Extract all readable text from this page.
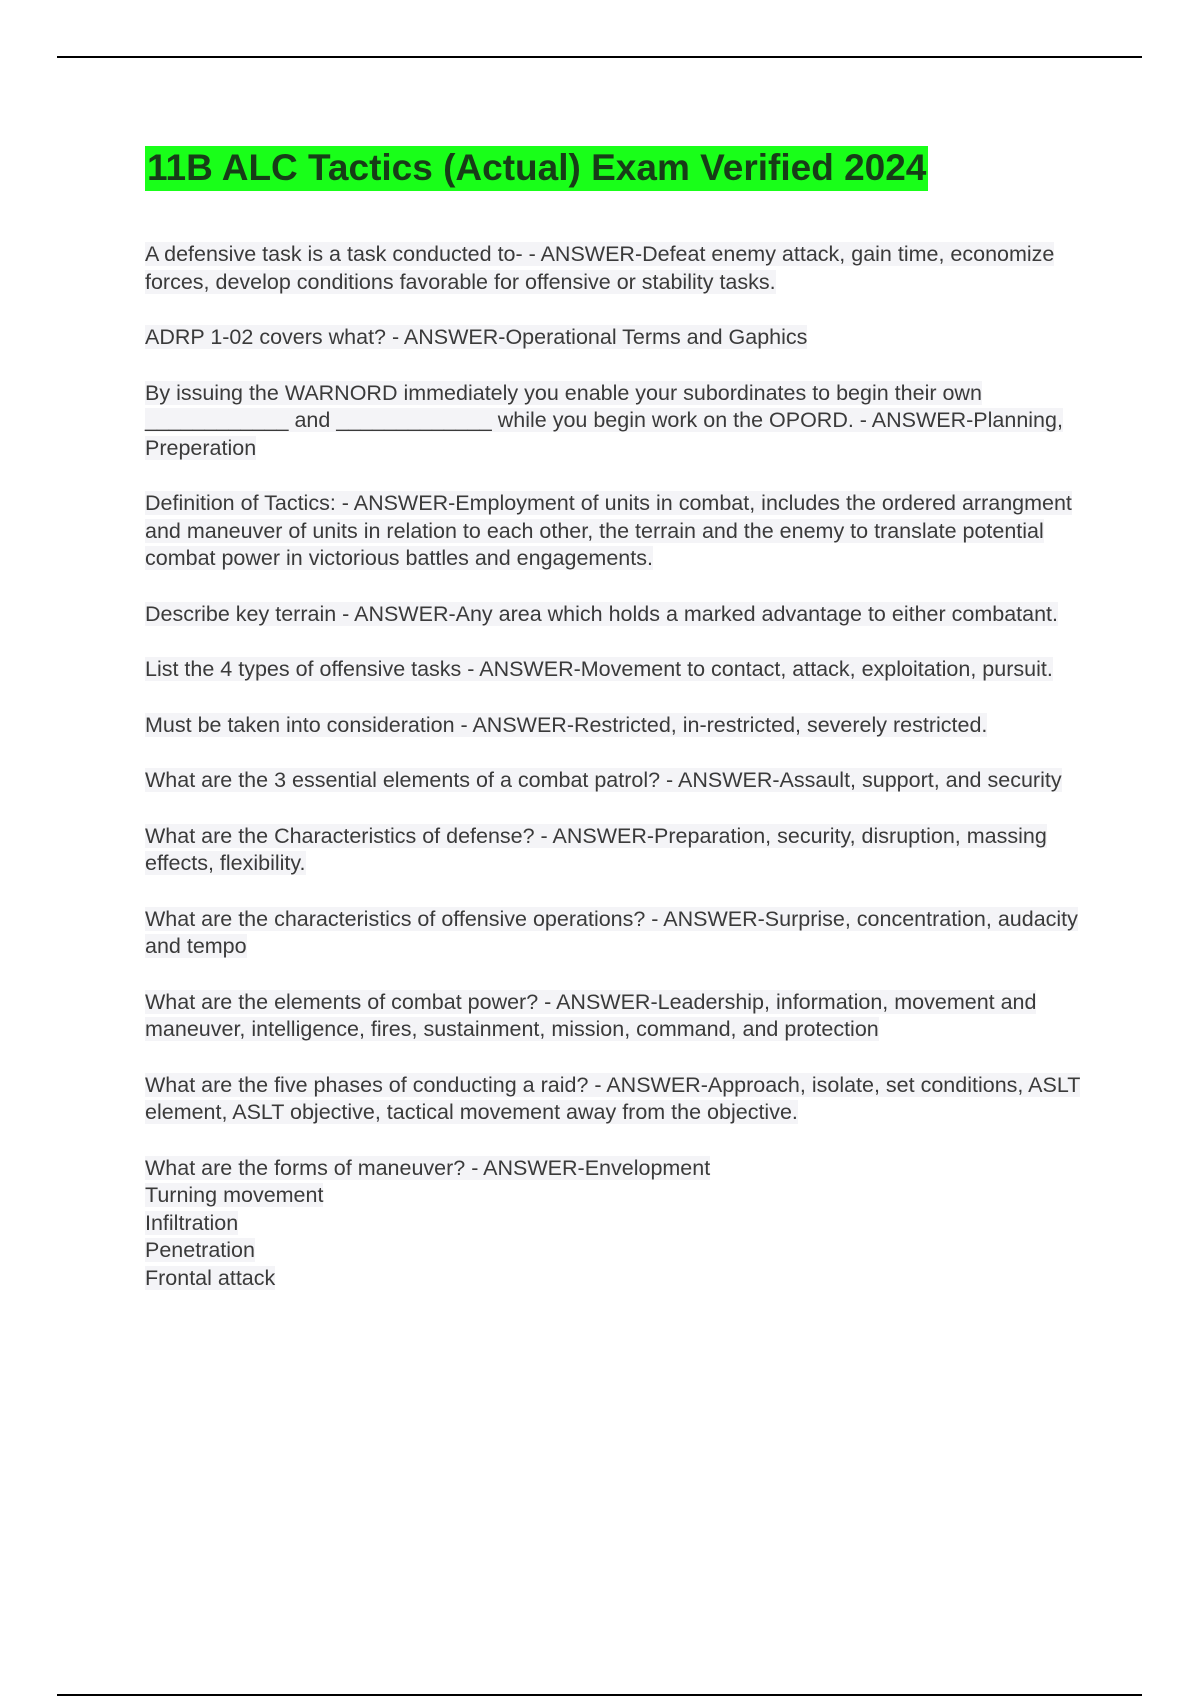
11B ALC Tactics (Actual) Exam Verified 2024

A defensive task is a task conducted to- - ANSWER-Defeat enemy attack, gain time, economize forces, develop conditions favorable for offensive or stability tasks.

ADRP 1-02 covers what? - ANSWER-Operational Terms and Gaphics

By issuing the WARNORD immediately you enable your subordinates to begin their own ____________ and _____________ while you begin work on the OPORD. - ANSWER-Planning, Preperation

Definition of Tactics: - ANSWER-Employment of units in combat, includes the ordered arrangment and maneuver of units in relation to each other, the terrain and the enemy to translate potential combat power in victorious battles and engagements.

Describe key terrain - ANSWER-Any area which holds a marked advantage to either combatant.

List the 4 types of offensive tasks - ANSWER-Movement to contact, attack, exploitation, pursuit.

Must be taken into consideration - ANSWER-Restricted, in-restricted, severely restricted.

What are the 3 essential elements of a combat patrol? - ANSWER-Assault, support, and security

What are the Characteristics of defense? - ANSWER-Preparation, security, disruption, massing effects, flexibility.

What are the characteristics of offensive operations? - ANSWER-Surprise, concentration, audacity and tempo

What are the elements of combat power? - ANSWER-Leadership, information, movement and maneuver, intelligence, fires, sustainment, mission, command, and protection

What are the five phases of conducting a raid? - ANSWER-Approach, isolate, set conditions, ASLT element, ASLT objective, tactical movement away from the objective.

What are the forms of maneuver? - ANSWER-Envelopment
Turning movement
Infiltration
Penetration
Frontal attack
